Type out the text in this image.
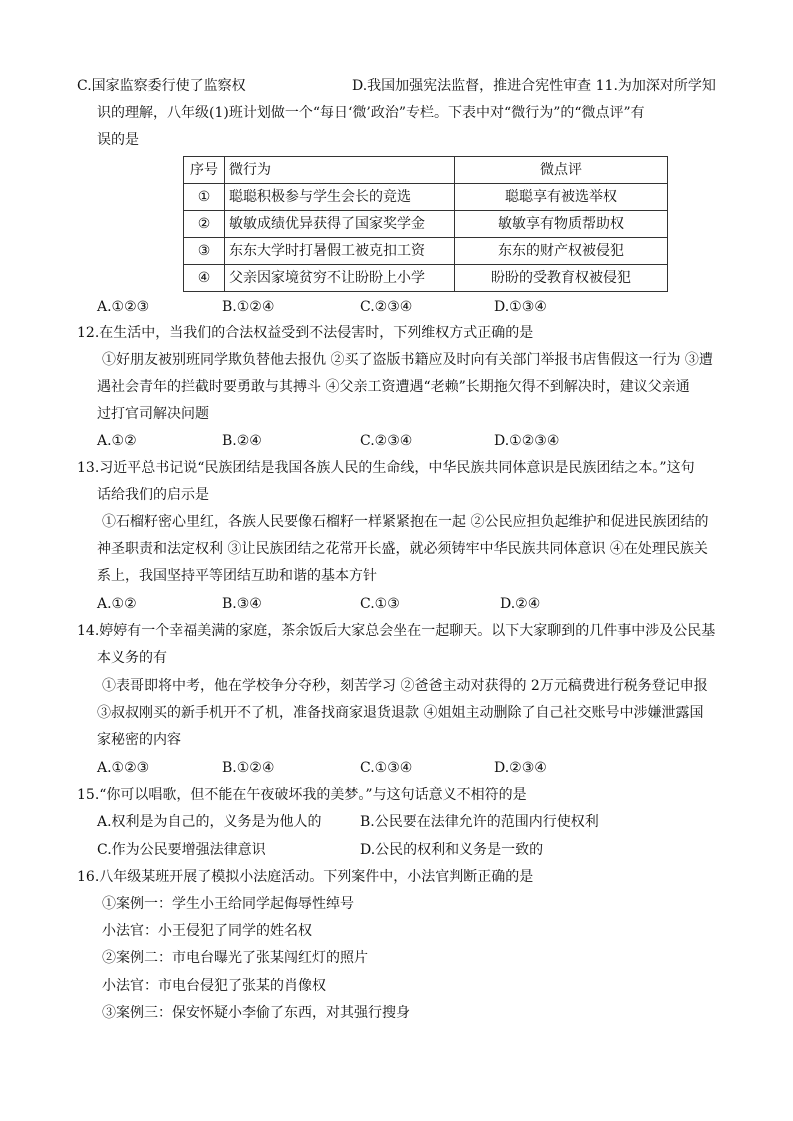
C.国家监察委行使了监察权	D.我国加强宪法监督，推进合宪性审查 11.为加深对所学知
识的理解，八年级(1)班计划做一个“每日‘微’政治”专栏。下表中对“微行为”的“微点评”有
误的是
序号	微行为	微点评
①	聪聪积极参与学生会长的竞选	聪聪享有被选举权
②	敏敏成绩优异获得了国家奖学金	敏敏享有物质帮助权
③	东东大学时打暑假工被克扣工资	东东的财产权被侵犯
④	父亲因家境贫穷不让盼盼上小学	盼盼的受教育权被侵犯
A.①②③	B.①②④	C.②③④	D.①③④
12.在生活中，当我们的合法权益受到不法侵害时，下列维权方式正确的是
①好朋友被别班同学欺负替他去报仇 ②买了盗版书籍应及时向有关部门举报书店售假这一行为 ③遭
遇社会青年的拦截时要勇敢与其搏斗 ④父亲工资遭遇“老赖”长期拖欠得不到解决时，建议父亲通
过打官司解决问题
A.①②	B.②④	C.②③④	D.①②③④
13.习近平总书记说“民族团结是我国各族人民的生命线，中华民族共同体意识是民族团结之本。”这句
话给我们的启示是
①石榴籽密心里红，各族人民要像石榴籽一样紧紧抱在一起 ②公民应担负起维护和促进民族团结的
神圣职责和法定权利 ③让民族团结之花常开长盛，就必须铸牢中华民族共同体意识 ④在处理民族关
系上，我国坚持平等团结互助和谐的基本方针
A.①②	B.③④	C.①③	D.②④
14.婷婷有一个幸福美满的家庭，茶余饭后大家总会坐在一起聊天。以下大家聊到的几件事中涉及公民基
本义务的有
①表哥即将中考，他在学校争分夺秒，刻苦学习 ②爸爸主动对获得的 2万元稿费进行税务登记申报
③叔叔刚买的新手机开不了机，准备找商家退货退款 ④姐姐主动删除了自己社交账号中涉嫌泄露国
家秘密的内容
A.①②③	B.①②④	C.①③④	D.②③④
15.“你可以唱歌，但不能在午夜破坏我的美梦。”与这句话意义不相符的是
A.权利是为自己的，义务是为他人的	B.公民要在法律允许的范围内行使权利
C.作为公民要增强法律意识	D.公民的权利和义务是一致的
16.八年级某班开展了模拟小法庭活动。下列案件中，小法官判断正确的是
①案例一：学生小王给同学起侮辱性绰号
小法官：小王侵犯了同学的姓名权
②案例二：市电台曝光了张某闯红灯的照片
小法官：市电台侵犯了张某的肖像权
③案例三：保安怀疑小李偷了东西，对其强行搜身
